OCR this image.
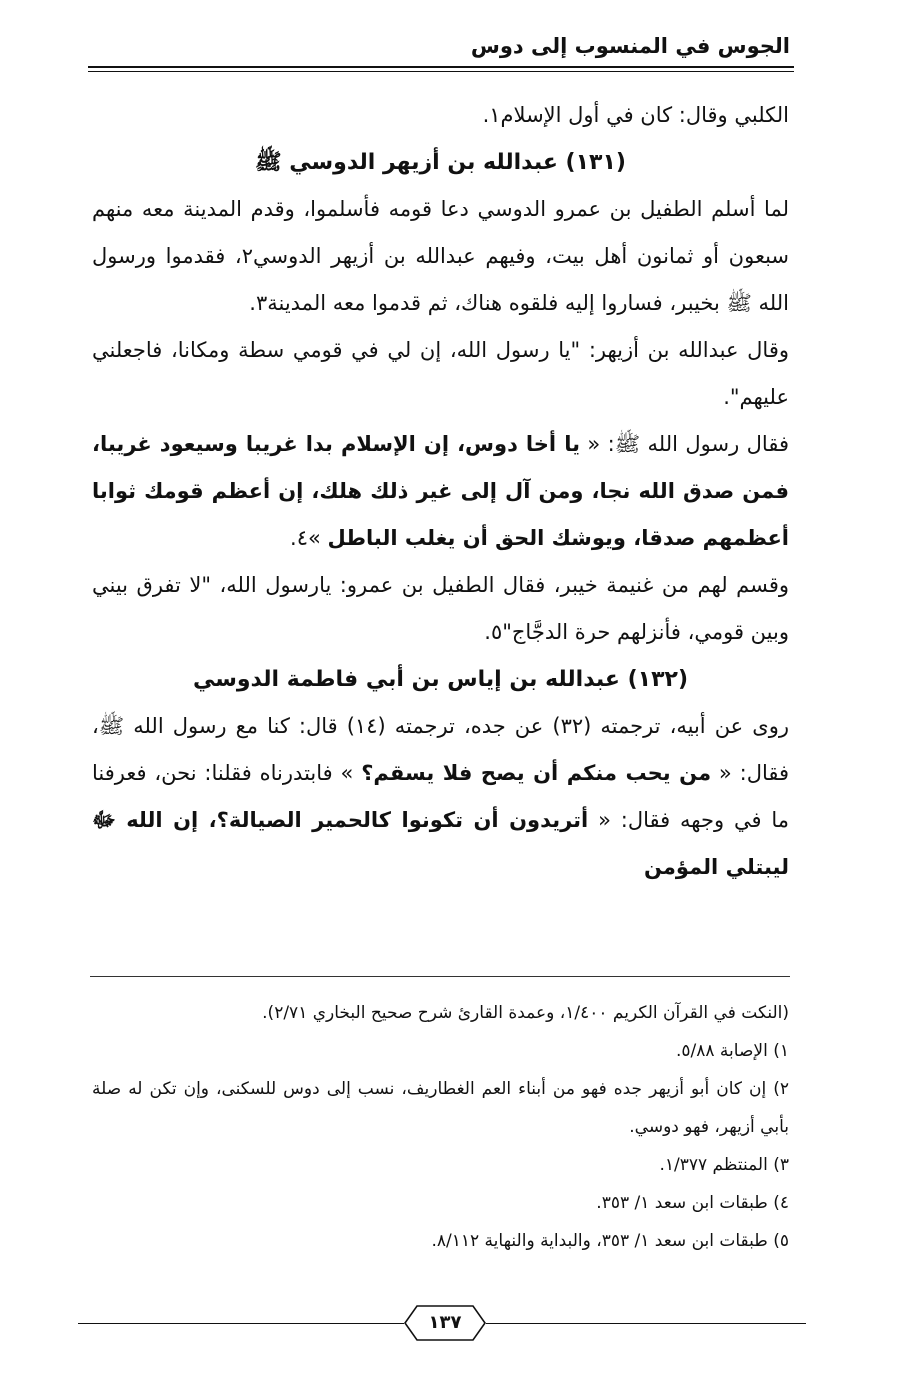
الجوس في المنسوب إلى دوس

الكلبي وقال: كان في أول الإسلام١.

(١٣١) عبدالله بن أزيهر الدوسي ﷺ

لما أسلم الطفيل بن عمرو الدوسي دعا قومه فأسلموا، وقدم المدينة معه منهم سبعون أو ثمانون أهل بيت، وفيهم عبدالله بن أزيهر الدوسي٢، فقدموا ورسول الله ﷺ بخيبر، فساروا إليه فلقوه هناك، ثم قدموا معه المدينة٣.

وقال عبدالله بن أزيهر: "يا رسول الله، إن لي في قومي سطة ومكانا، فاجعلني عليهم".

فقال رسول الله ﷺ: « يا أخا دوس، إن الإسلام بدا غريبا وسيعود غريبا، فمن صدق الله نجا، ومن آل إلى غير ذلك هلك، إن أعظم قومك ثوابا أعظمهم صدقا، ويوشك الحق أن يغلب الباطل »٤.

وقسم لهم من غنيمة خيبر، فقال الطفيل بن عمرو: يارسول الله، "لا تفرق بيني وبين قومي، فأنزلهم حرة الدجَّاج"٥.

(١٣٢) عبدالله بن إياس بن أبي فاطمة الدوسي

روى عن أبيه، ترجمته (٣٢) عن جده، ترجمته (١٤) قال: كنا مع رسول الله ﷺ، فقال: « من يحب منكم أن يصح فلا يسقم؟ » فابتدرناه فقلنا: نحن، فعرفنا ما في وجهه فقال: « أتريدون أن تكونوا كالحمير الصيالة؟، إن الله ﷻ ليبتلي المؤمن

(النكت في القرآن الكريم ١/٤٠٠، وعمدة القارئ شرح صحيح البخاري ٢/٧١).

١) الإصابة ٥/٨٨.

٢) إن كان أبو أزيهر جده فهو من أبناء العم الغطاريف، نسب إلى دوس للسكنى، وإن تكن له صلة بأبي أزيهر، فهو دوسي.

٣) المنتظم ١/٣٧٧.

٤) طبقات ابن سعد ١/ ٣٥٣.

٥) طبقات ابن سعد ١/ ٣٥٣، والبداية والنهاية ٨/١١٢.

١٣٧
